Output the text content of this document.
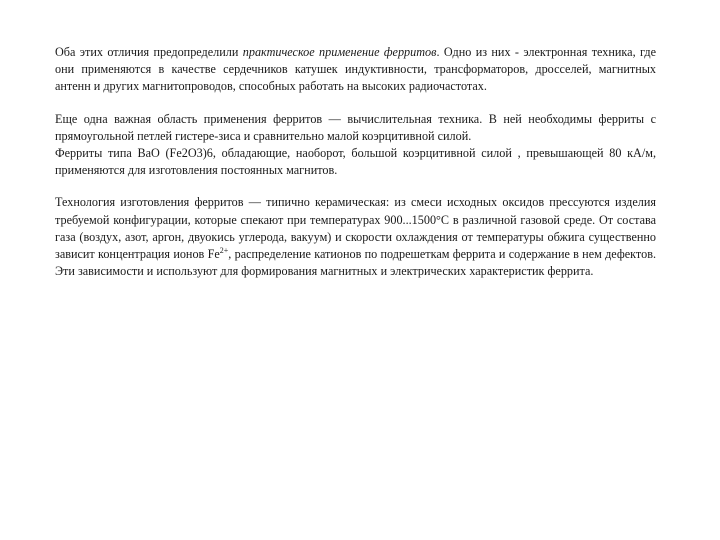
Оба этих отличия предопределили практическое применение ферритов. Одно из них - электронная техника, где они применяются в качестве сердечников катушек индуктивности, трансформаторов, дросселей, магнитных антенн и других магнитопроводов, способных работать на высоких радиочастотах.

Еще одна важная область применения ферритов — вычислительная техника. В ней необходимы ферриты с прямоугольной петлей гистере-зиса и сравнительно малой коэрцитивной силой.

Ферриты типа ВаО (Fe2O3)6, обладающие, наоборот, большой коэрцитивной силой , превышающей 80 кА/м, применяются для изготовления постоянных магнитов.

Технология изготовления ферритов — типично керамическая: из смеси исходных оксидов прессуются изделия требуемой конфигурации, которые спекают при температурах 900...1500°С в различной газовой среде. От состава газа (воздух, азот, аргон, двуокись углерода, вакуум) и скорости охлаждения от температуры обжига существенно зависит концентрация ионов $Fe^{2+}$, распределение катионов по подрешеткам феррита и содержание в нем дефектов. Эти зависимости и используют для формирования магнитных и электрических характеристик феррита.
